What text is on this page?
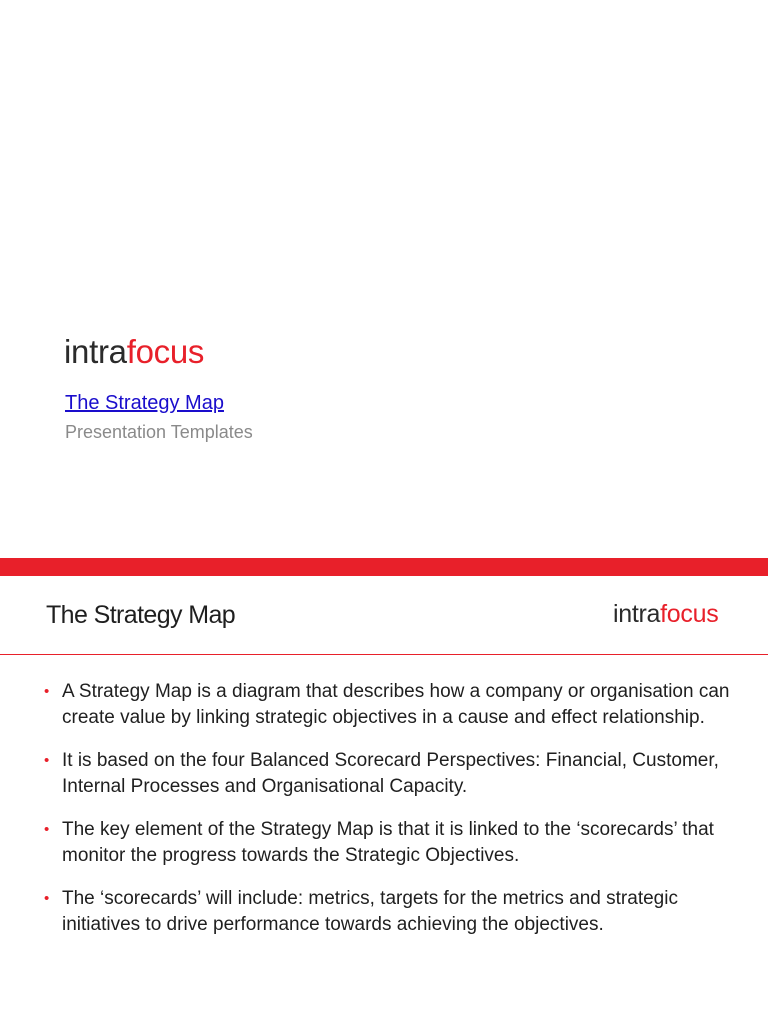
intrafocus
The Strategy Map
Presentation Templates
The Strategy Map	intrafocus
• A Strategy Map is a diagram that describes how a company or organisation can create value by linking strategic objectives in a cause and effect relationship.
• It is based on the four Balanced Scorecard Perspectives: Financial, Customer, Internal Processes and Organisational Capacity.
• The key element of the Strategy Map is that it is linked to the ‘scorecards’ that monitor the progress towards the Strategic Objectives.
• The ‘scorecards’ will include: metrics, targets for the metrics and strategic initiatives to drive performance towards achieving the objectives.
